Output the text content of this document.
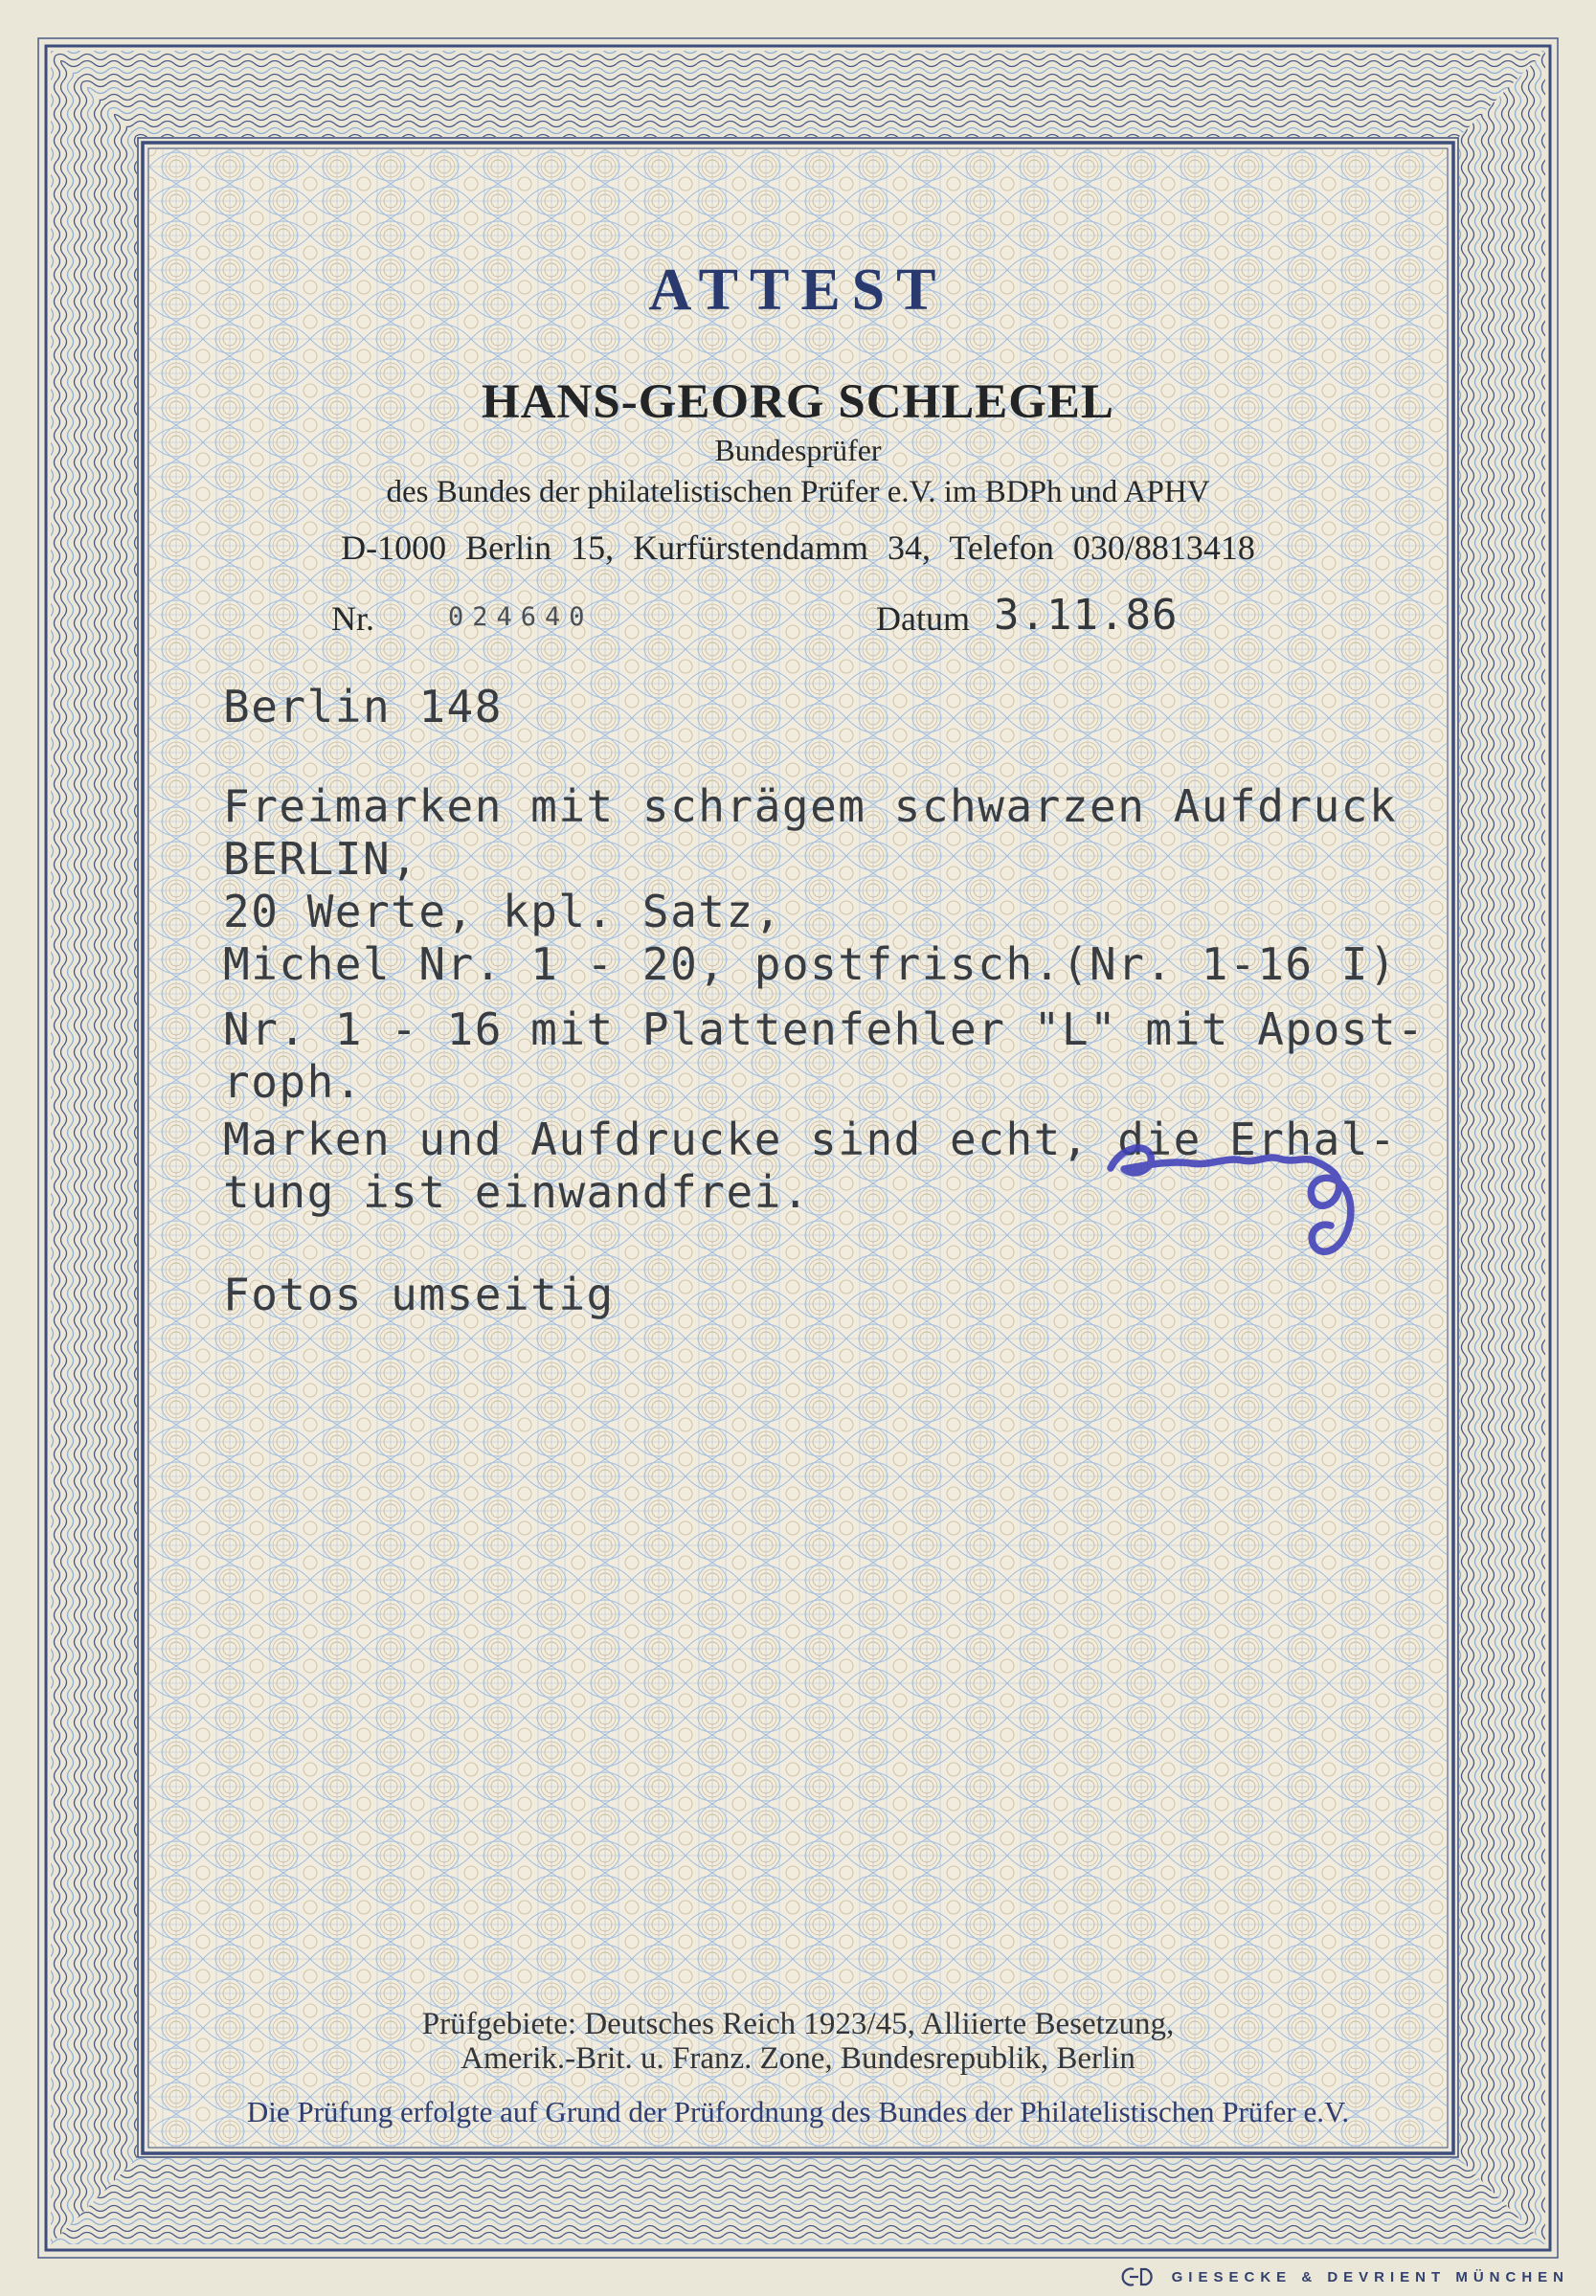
ATTEST
HANS-GEORG SCHLEGEL
Bundesprüfer
des Bundes der philatelistischen Prüfer e.V. im BDPh und APHV
D-1000 Berlin 15, Kurfürstendamm 34, Telefon 030/8813418
Nr.	024640	Datum 3.11.86
Berlin 148
Freimarken mit schrägem schwarzen Aufdruck
BERLIN,
20 Werte, kpl. Satz,
Michel Nr. 1 - 20, postfrisch.(Nr. 1-16 I)
Nr. 1 - 16 mit Plattenfehler "L" mit Apost-
roph.
Marken und Aufdrucke sind echt, die Erhal-
tung ist einwandfrei.
Fotos umseitig
Prüfgebiete: Deutsches Reich 1923/45, Alliierte Besetzung,
Amerik.-Brit. u. Franz. Zone, Bundesrepublik, Berlin
Die Prüfung erfolgte auf Grund der Prüfordnung des Bundes der Philatelistischen Prüfer e.V.
GIESECKE & DEVRIENT MÜNCHEN
